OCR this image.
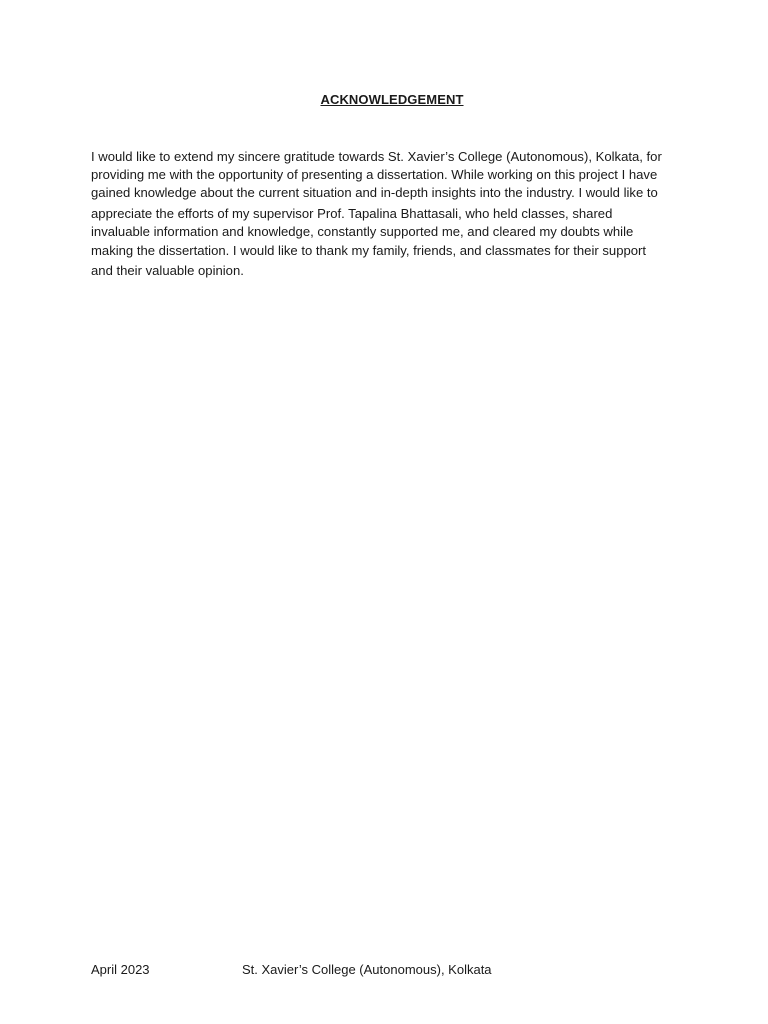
ACKNOWLEDGEMENT
I would like to extend my sincere gratitude towards St. Xavier’s College (Autonomous), Kolkata, for
providing me with the opportunity of presenting a dissertation. While working on this project I have
gained knowledge about the current situation and in-depth insights into the industry. I would like to
appreciate the efforts of my supervisor Prof. Tapalina Bhattasali, who held classes, shared
invaluable information and knowledge, constantly supported me, and cleared my doubts while
making the dissertation. I would like to thank my family, friends, and classmates for their support
and their valuable opinion.
April 2023	St. Xavier’s College (Autonomous), Kolkata
